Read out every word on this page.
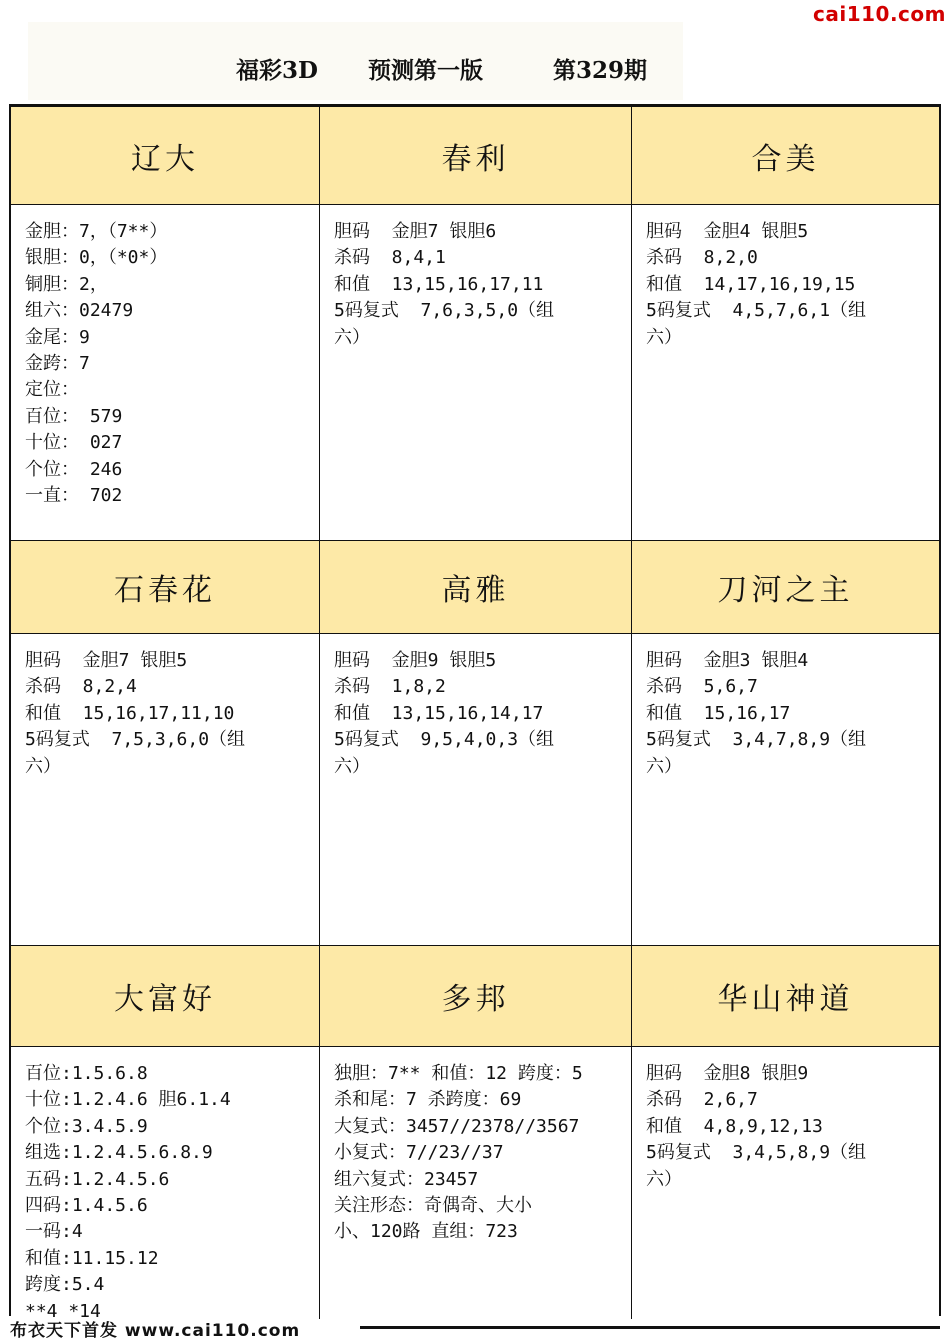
cai110.com
福彩3D 预测第一版	第329期
辽大
金胆：7，（7**）
银胆：0，（*0*）
铜胆：2，
组六：02479
金尾：9
金跨：7
定位：
百位： 579
十位： 027
个位： 246
一直： 702
春利
胆码  金胆7 银胆6
杀码  8,4,1
和值  13,15,16,17,11
5码复式  7,6,3,5,0（组
六）
合美
胆码  金胆4 银胆5
杀码  8,2,0
和值  14,17,16,19,15
5码复式  4,5,7,6,1（组
六）
石春花
胆码  金胆7 银胆5
杀码  8,2,4
和值  15,16,17,11,10
5码复式  7,5,3,6,0（组
六）
高雅
胆码  金胆9 银胆5
杀码  1,8,2
和值  13,15,16,14,17
5码复式  9,5,4,0,3（组
六）
刀河之主
胆码  金胆3 银胆4
杀码  5,6,7
和值  15,16,17
5码复式  3,4,7,8,9（组
六）
大富好
百位:1.5.6.8
十位:1.2.4.6 胆6.1.4
个位:3.4.5.9
组选:1.2.4.5.6.8.9
五码:1.2.4.5.6
四码:1.4.5.6
一码:4
和值:11.15.12
跨度:5.4
**4 *14
多邦
独胆：7** 和值：12 跨度：5
杀和尾：7 杀跨度：69
大复式：3457//2378//3567
小复式：7//23//37
组六复式：23457
关注形态：奇偶奇、大小
小、120路 直组：723
华山神道
胆码  金胆8 银胆9
杀码  2,6,7
和值  4,8,9,12,13
5码复式  3,4,5,8,9（组
六）
布衣天下首发 www.cai110.com
